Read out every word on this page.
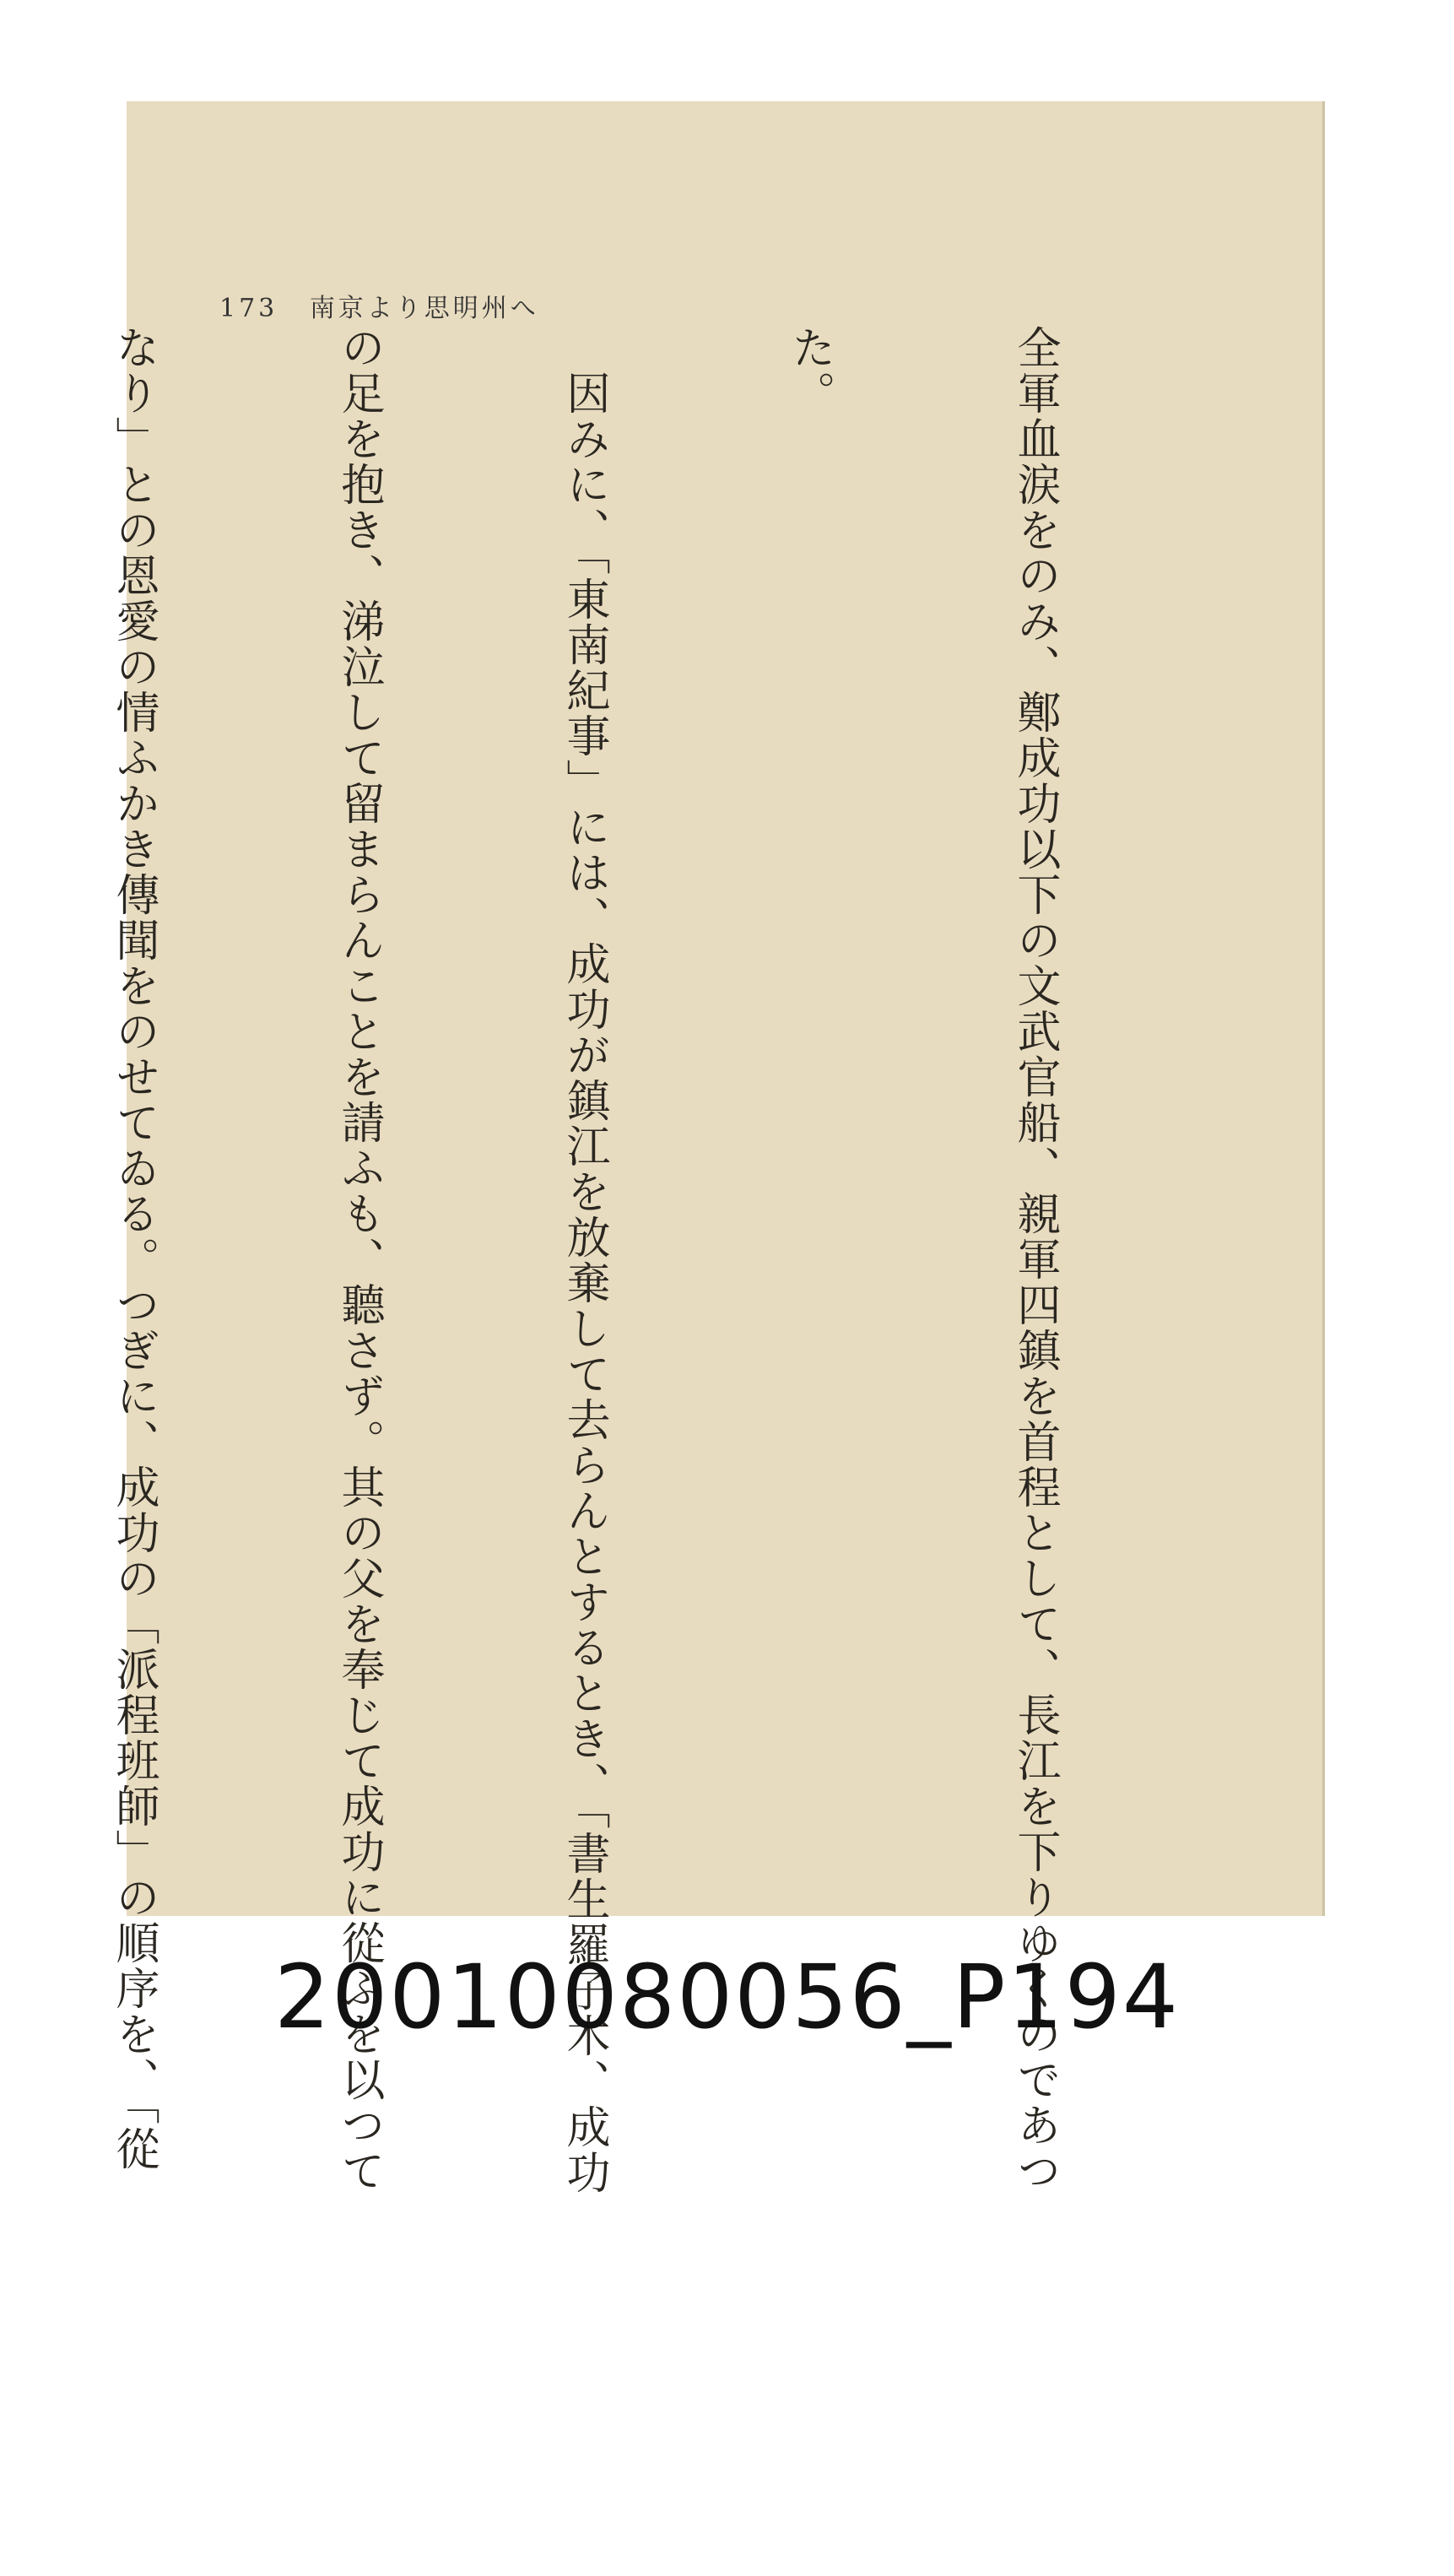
173 南京より思明州へ

全軍血涙をのみ、鄭成功以下の文武官船、親軍四鎮を首程として、長江を下りゆくのであつ

た。

　因みに、「東南紀事」には、成功が鎮江を放棄して去らんとするとき、「書生羅子木、成功

の足を抱き、涕泣して留まらんことを請ふも、聽さず。其の父を奉じて成功に從ふを以つて

なり」との恩愛の情ふかき傳聞をのせてゐる。つぎに、成功の「派程班師」の順序を、「從

	20010080056_P194
